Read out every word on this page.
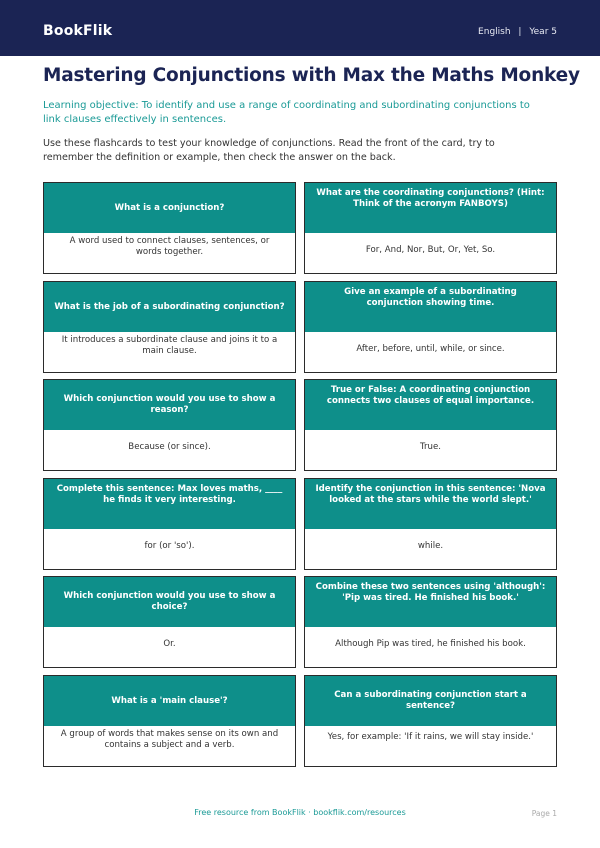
BookFlik	English | Year 5
Mastering Conjunctions with Max the Maths Monkey
Learning objective: To identify and use a range of coordinating and subordinating conjunctions to link clauses effectively in sentences.
Use these flashcards to test your knowledge of conjunctions. Read the front of the card, try to remember the definition or example, then check the answer on the back.
What is a conjunction?
A word used to connect clauses, sentences, or words together.
What are the coordinating conjunctions? (Hint: Think of the acronym FANBOYS)
For, And, Nor, But, Or, Yet, So.
What is the job of a subordinating conjunction?
It introduces a subordinate clause and joins it to a main clause.
Give an example of a subordinating conjunction showing time.
After, before, until, while, or since.
Which conjunction would you use to show a reason?
Because (or since).
True or False: A coordinating conjunction connects two clauses of equal importance.
True.
Complete this sentence: Max loves maths, ____ he finds it very interesting.
for (or 'so').
Identify the conjunction in this sentence: 'Nova looked at the stars while the world slept.'
while.
Which conjunction would you use to show a choice?
Or.
Combine these two sentences using 'although': 'Pip was tired. He finished his book.'
Although Pip was tired, he finished his book.
What is a 'main clause'?
A group of words that makes sense on its own and contains a subject and a verb.
Can a subordinating conjunction start a sentence?
Yes, for example: 'If it rains, we will stay inside.'
Free resource from BookFlik · bookflik.com/resources	Page 1
